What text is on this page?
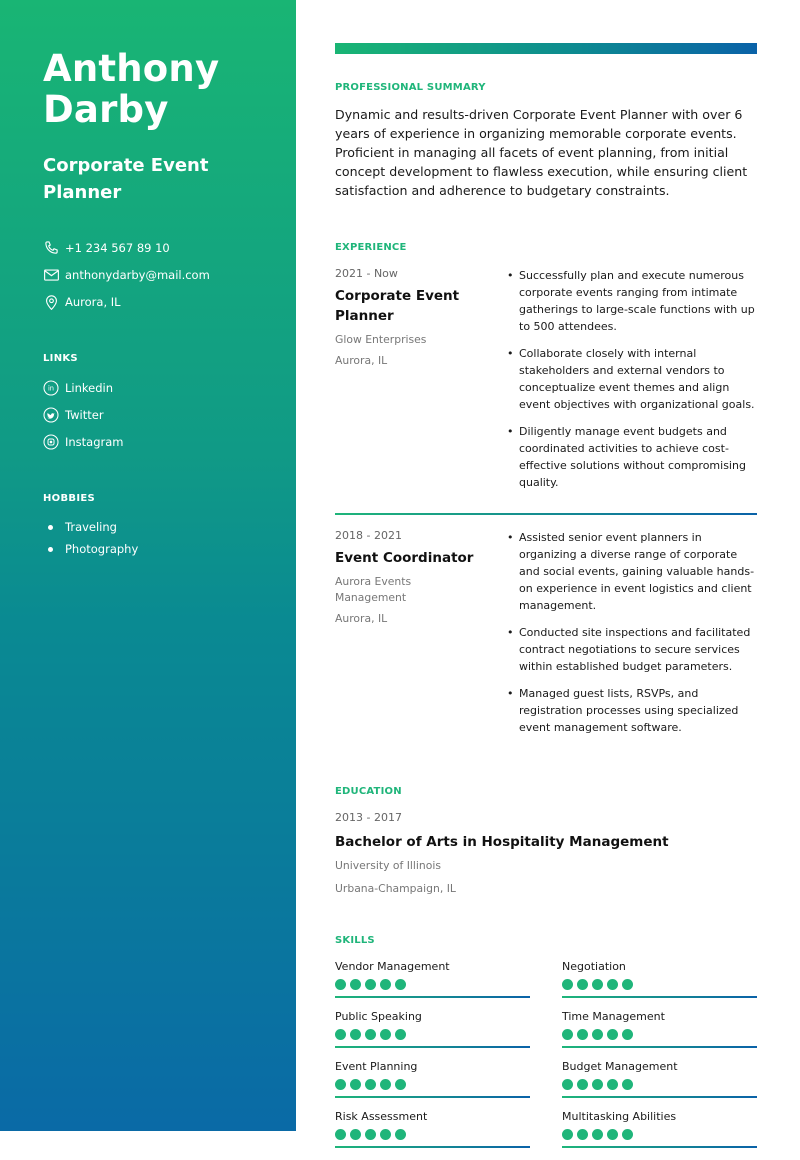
Anthony
Darby
Corporate Event Planner
+1 234 567 89 10
anthonydarby@mail.com
Aurora, IL
LINKS
in Linkedin
Twitter
Instagram
HOBBIES
Traveling
Photography
PROFESSIONAL SUMMARY

Dynamic and results-driven Corporate Event Planner with over 6 years of experience in organizing memorable corporate events. Proficient in managing all facets of event planning, from initial concept development to flawless execution, while ensuring client satisfaction and adherence to budgetary constraints.

EXPERIENCE
2021 - Now
Corporate Event Planner
Glow Enterprises
Aurora, IL
• Successfully plan and execute numerous corporate events ranging from intimate gatherings to large-scale functions with up to 500 attendees.
• Collaborate closely with internal stakeholders and external vendors to conceptualize event themes and align event objectives with organizational goals.
• Diligently manage event budgets and coordinated activities to achieve cost-effective solutions without compromising quality.
2018 - 2021
Event Coordinator
Aurora Events Management
Aurora, IL
• Assisted senior event planners in organizing a diverse range of corporate and social events, gaining valuable hands-on experience in event logistics and client management.
• Conducted site inspections and facilitated contract negotiations to secure services within established budget parameters.
• Managed guest lists, RSVPs, and registration processes using specialized event management software.
EDUCATION
2013 - 2017
Bachelor of Arts in Hospitality Management
University of Illinois
Urbana-Champaign, IL
SKILLS
Vendor Management	Negotiation
Public Speaking	Time Management
Event Planning	Budget Management
Risk Assessment	Multitasking Abilities
